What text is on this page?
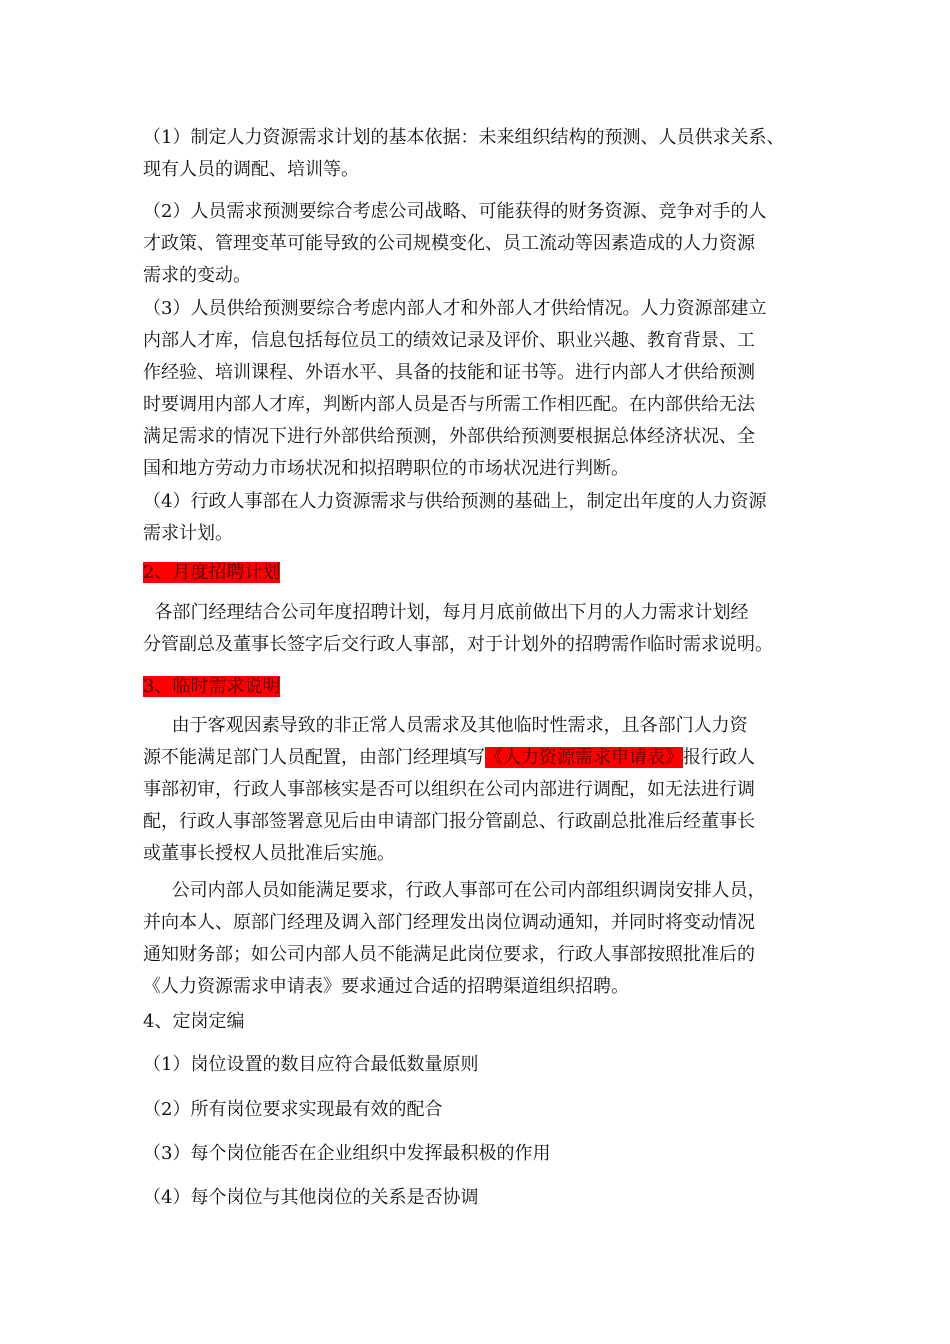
（1）制定人力资源需求计划的基本依据：未来组织结构的预测、人员供求关系、
现有人员的调配、培训等。
（2）人员需求预测要综合考虑公司战略、可能获得的财务资源、竞争对手的人
才政策、管理变革可能导致的公司规模变化、员工流动等因素造成的人力资源
需求的变动。
（3）人员供给预测要综合考虑内部人才和外部人才供给情况。人力资源部建立
内部人才库，信息包括每位员工的绩效记录及评价、职业兴趣、教育背景、工
作经验、培训课程、外语水平、具备的技能和证书等。进行内部人才供给预测
时要调用内部人才库，判断内部人员是否与所需工作相匹配。在内部供给无法
满足需求的情况下进行外部供给预测，外部供给预测要根据总体经济状况、全
国和地方劳动力市场状况和拟招聘职位的市场状况进行判断。
（4）行政人事部在人力资源需求与供给预测的基础上，制定出年度的人力资源
需求计划。
2、月度招聘计划
各部门经理结合公司年度招聘计划，每月月底前做出下月的人力需求计划经
分管副总及董事长签字后交行政人事部，对于计划外的招聘需作临时需求说明。
3、临时需求说明
由于客观因素导致的非正常人员需求及其他临时性需求，且各部门人力资
源不能满足部门人员配置，由部门经理填写《人力资源需求申请表》报行政人
事部初审，行政人事部核实是否可以组织在公司内部进行调配，如无法进行调
配，行政人事部签署意见后由申请部门报分管副总、行政副总批准后经董事长
或董事长授权人员批准后实施。
公司内部人员如能满足要求，行政人事部可在公司内部组织调岗安排人员，
并向本人、原部门经理及调入部门经理发出岗位调动通知，并同时将变动情况
通知财务部；如公司内部人员不能满足此岗位要求，行政人事部按照批准后的
《人力资源需求申请表》要求通过合适的招聘渠道组织招聘。
4、定岗定编
（1）岗位设置的数目应符合最低数量原则
（2）所有岗位要求实现最有效的配合
（3）每个岗位能否在企业组织中发挥最积极的作用
（4）每个岗位与其他岗位的关系是否协调
